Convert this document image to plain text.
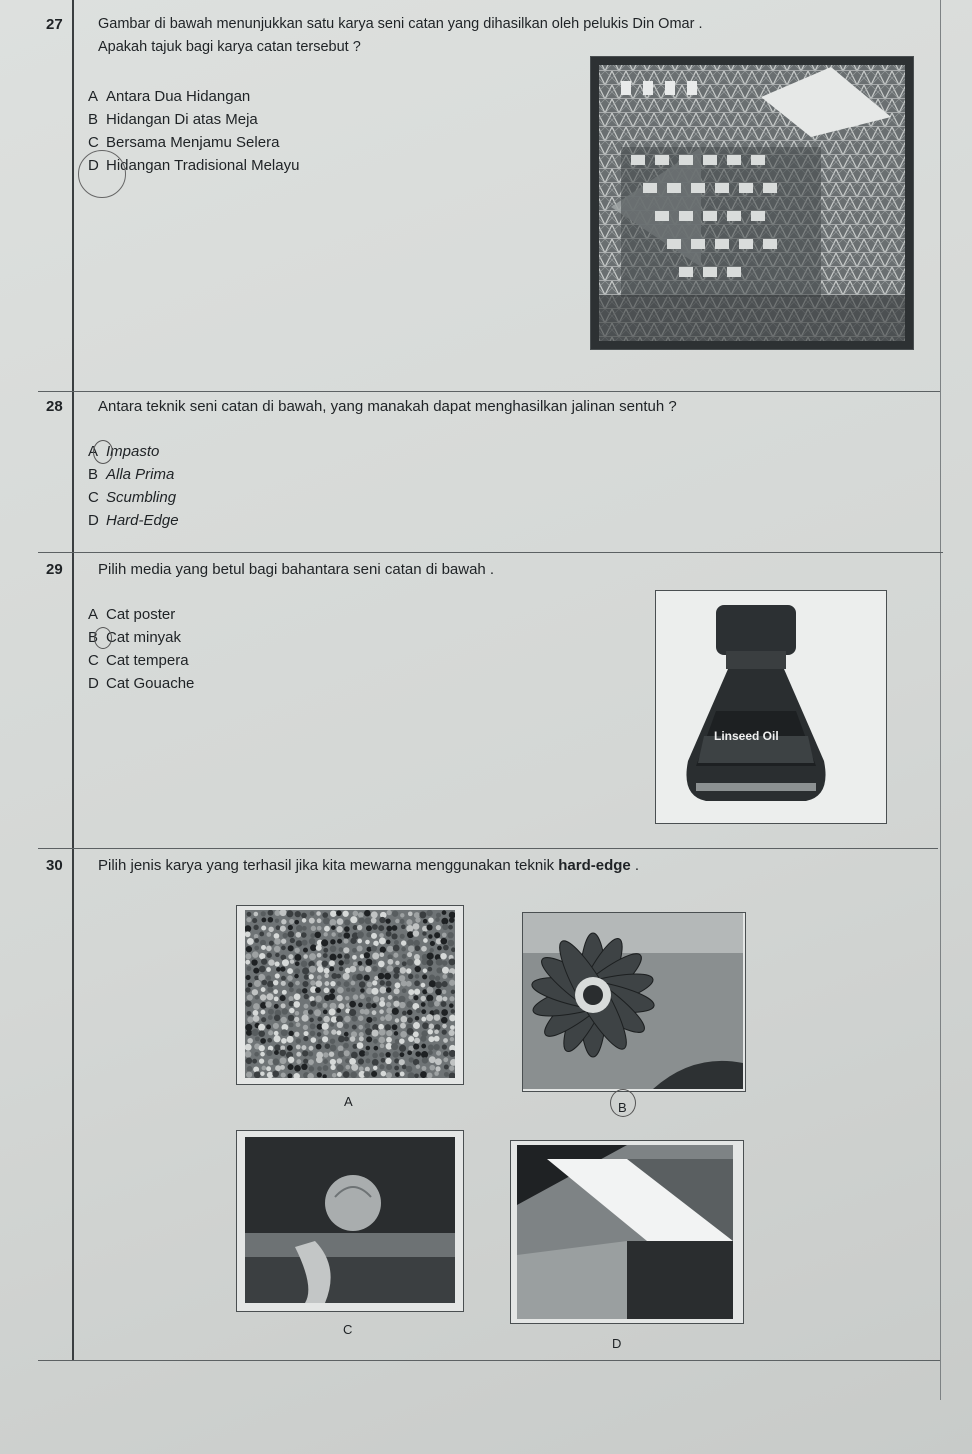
27 Gambar di bawah menunjukkan satu karya seni catan yang dihasilkan oleh pelukis Din Omar .
Apakah tajuk bagi karya catan tersebut ?
A Antara Dua Hidangan
B Hidangan Di atas Meja
C Bersama Menjamu Selera
D Hidangan Tradisional Melayu
28 Antara teknik seni catan di bawah, yang manakah dapat menghasilkan jalinan sentuh ?
A Impasto
B Alla Prima
C Scumbling
D Hard-Edge
29 Pilih media yang betul bagi bahantara seni catan di bawah .
A Cat poster
B Cat minyak
C Cat tempera
D Cat Gouache
Linseed Oil
30 Pilih jenis karya yang terhasil jika kita mewarna menggunakan teknik hard-edge .
A	B
C
D
